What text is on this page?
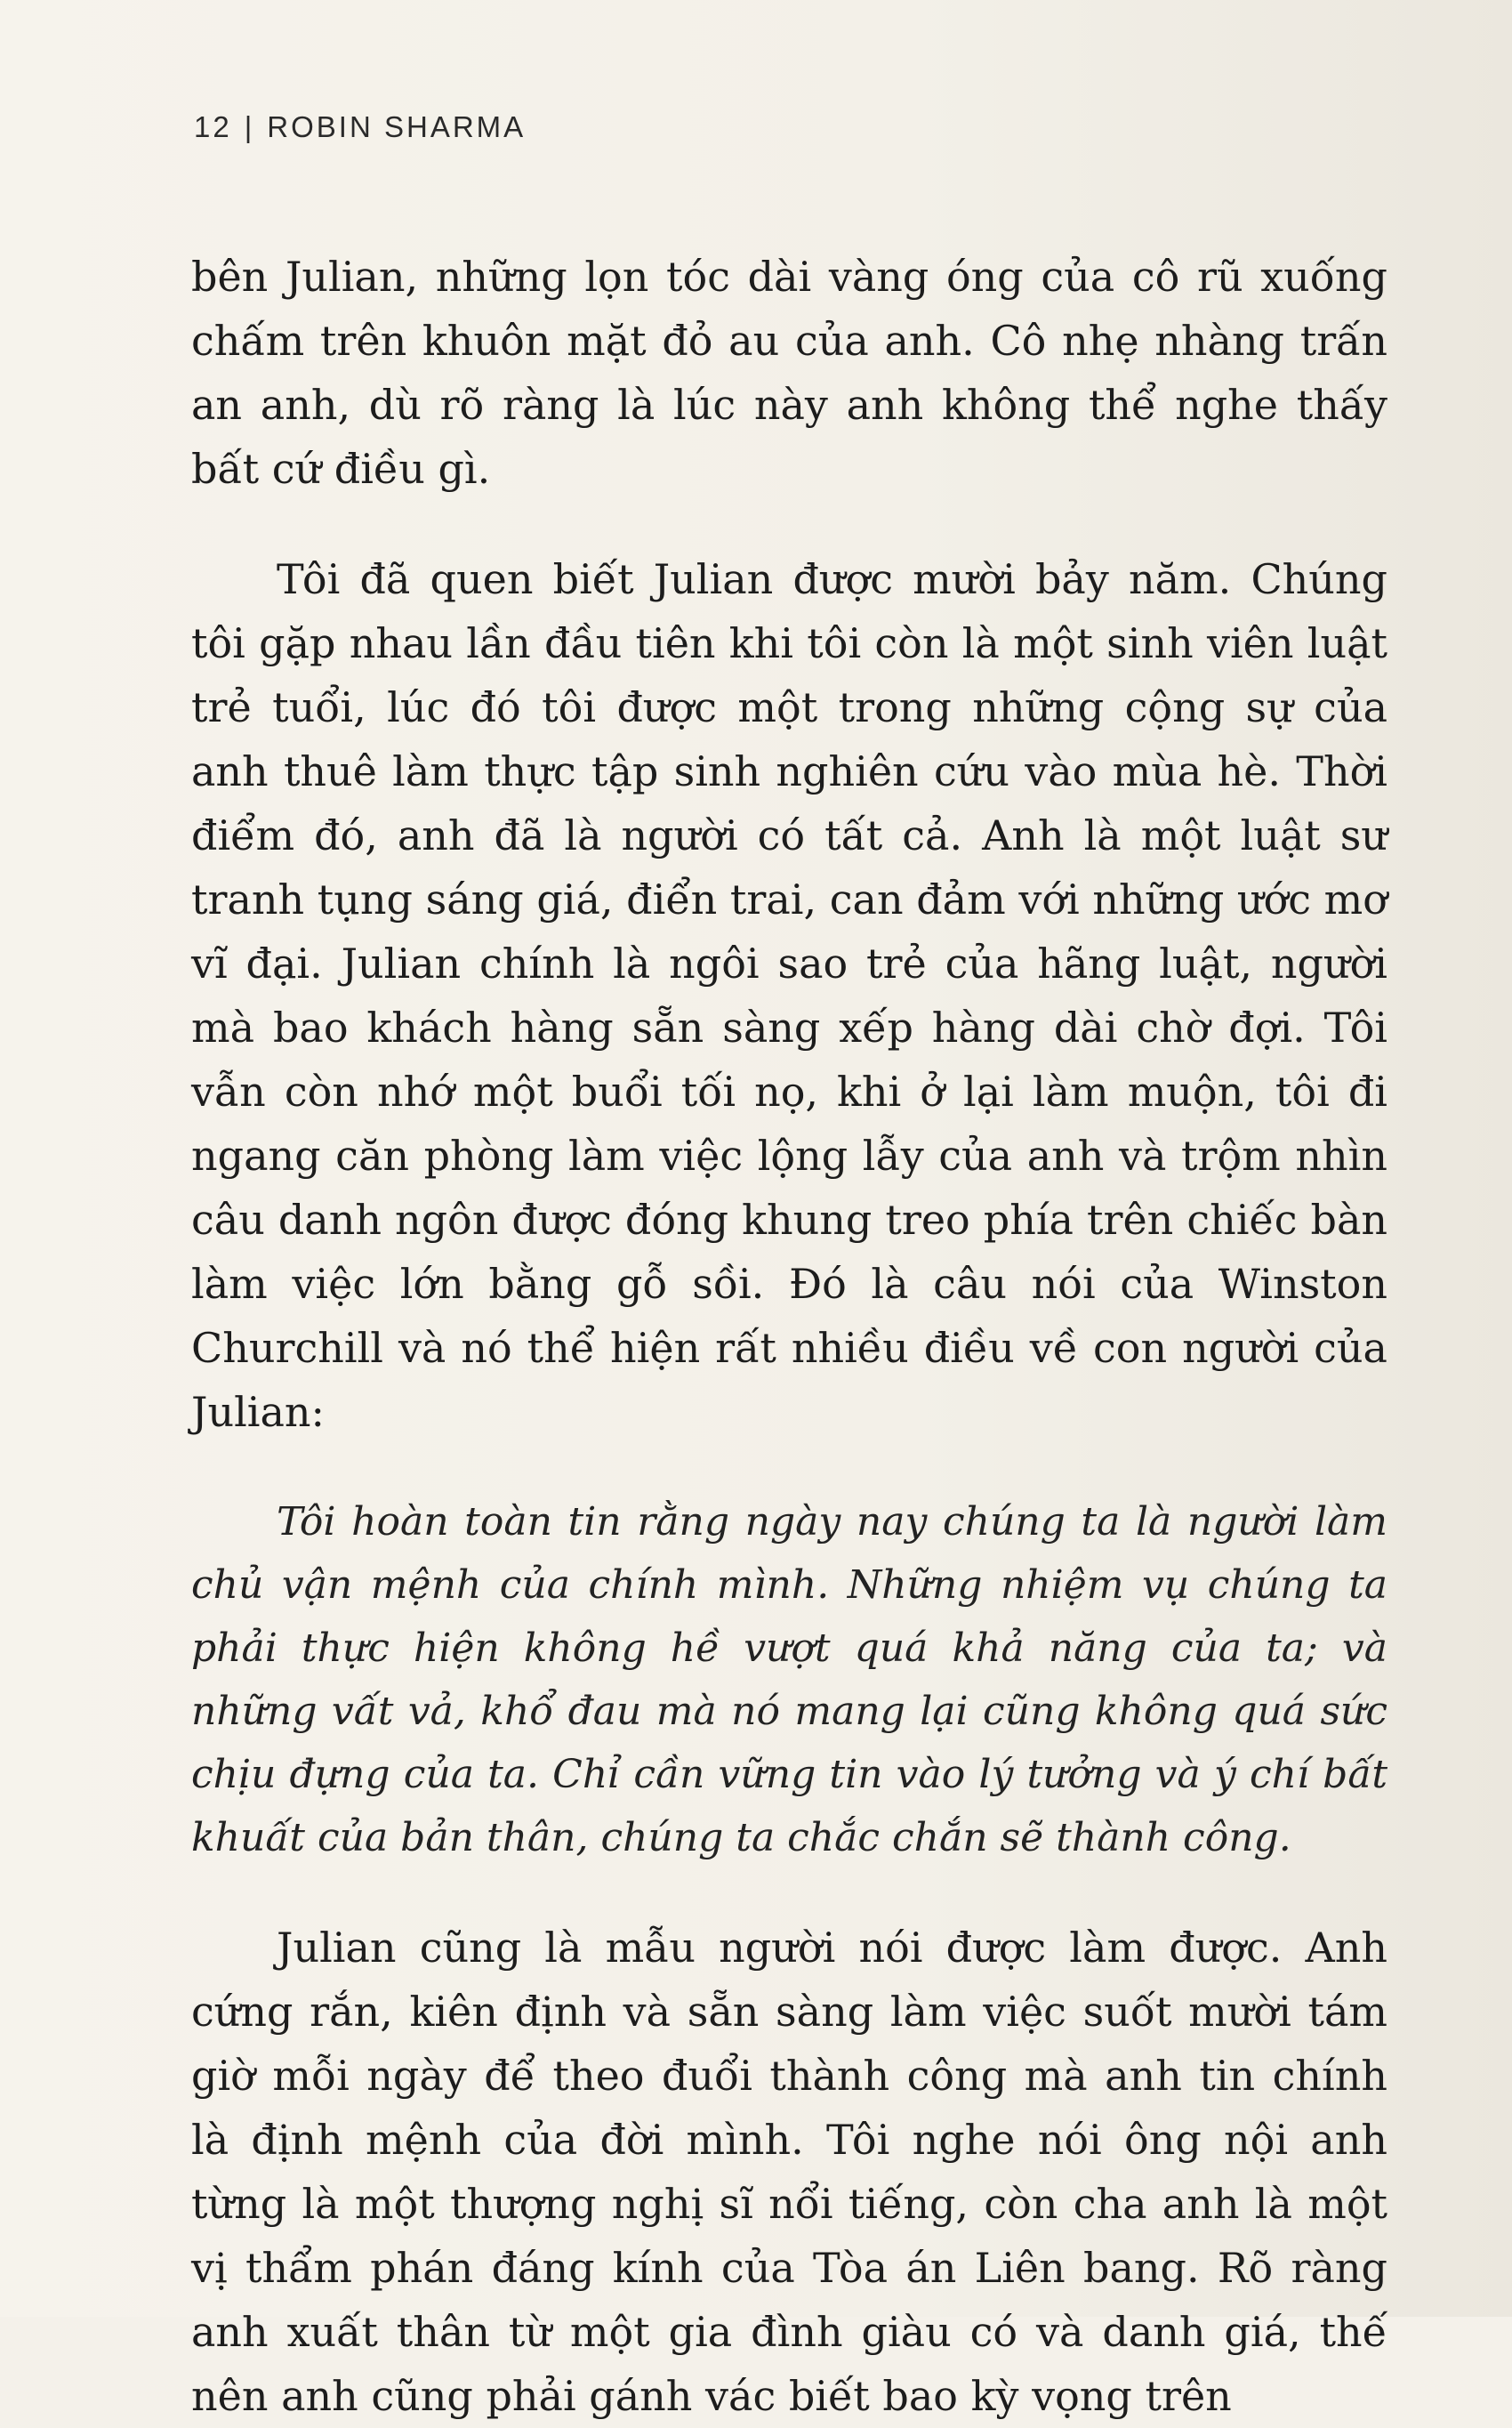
12 | ROBIN SHARMA

bên Julian, những lọn tóc dài vàng óng của cô rũ xuống chấm trên khuôn mặt đỏ au của anh. Cô nhẹ nhàng trấn an anh, dù rõ ràng là lúc này anh không thể nghe thấy bất cứ điều gì.

Tôi đã quen biết Julian được mười bảy năm. Chúng tôi gặp nhau lần đầu tiên khi tôi còn là một sinh viên luật trẻ tuổi, lúc đó tôi được một trong những cộng sự của anh thuê làm thực tập sinh nghiên cứu vào mùa hè. Thời điểm đó, anh đã là người có tất cả. Anh là một luật sư tranh tụng sáng giá, điển trai, can đảm với những ước mơ vĩ đại. Julian chính là ngôi sao trẻ của hãng luật, người mà bao khách hàng sẵn sàng xếp hàng dài chờ đợi. Tôi vẫn còn nhớ một buổi tối nọ, khi ở lại làm muộn, tôi đi ngang căn phòng làm việc lộng lẫy của anh và trộm nhìn câu danh ngôn được đóng khung treo phía trên chiếc bàn làm việc lớn bằng gỗ sồi. Đó là câu nói của Winston Churchill và nó thể hiện rất nhiều điều về con người của Julian:

Tôi hoàn toàn tin rằng ngày nay chúng ta là người làm chủ vận mệnh của chính mình. Những nhiệm vụ chúng ta phải thực hiện không hề vượt quá khả năng của ta; và những vất vả, khổ đau mà nó mang lại cũng không quá sức chịu đựng của ta. Chỉ cần vững tin vào lý tưởng và ý chí bất khuất của bản thân, chúng ta chắc chắn sẽ thành công.

Julian cũng là mẫu người nói được làm được. Anh cứng rắn, kiên định và sẵn sàng làm việc suốt mười tám giờ mỗi ngày để theo đuổi thành công mà anh tin chính là định mệnh của đời mình. Tôi nghe nói ông nội anh từng là một thượng nghị sĩ nổi tiếng, còn cha anh là một vị thẩm phán đáng kính của Tòa án Liên bang. Rõ ràng anh xuất thân từ một gia đình giàu có và danh giá, thế nên anh cũng phải gánh vác biết bao kỳ vọng trên
